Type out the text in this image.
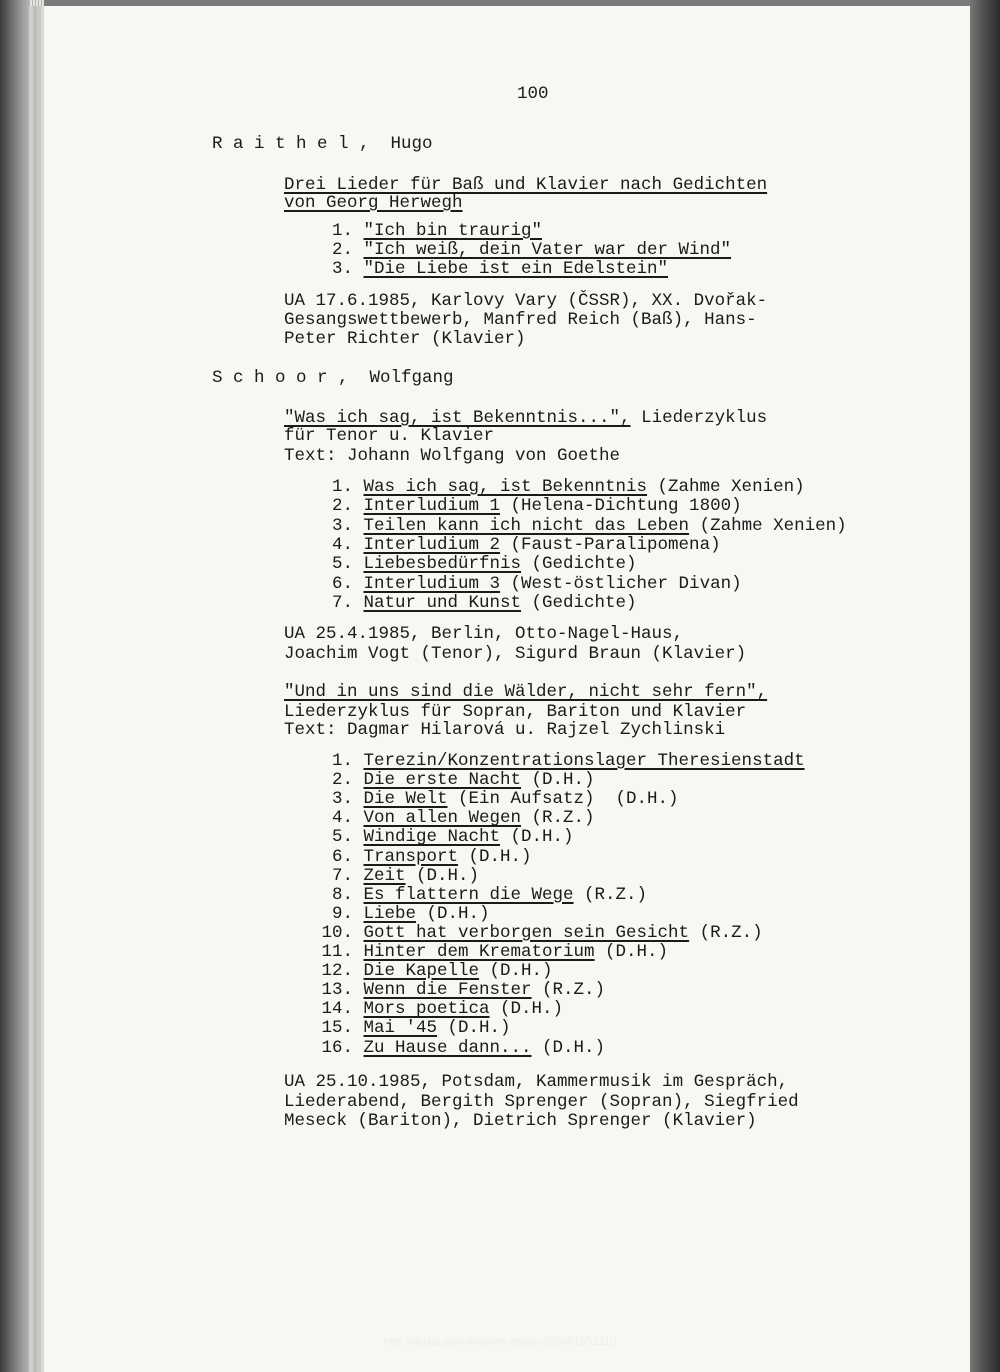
100
R a i t h e l ,  Hugo
Drei Lieder für Baß und Klavier nach Gedichten
von Georg Herwegh
1. "Ich bin traurig"
2. "Ich weiß, dein Vater war der Wind"
3. "Die Liebe ist ein Edelstein"
UA 17.6.1985, Karlovy Vary (ČSSR), XX. Dvořak-
Gesangswettbewerb, Manfred Reich (Baß), Hans-
Peter Richter (Klavier)
S c h o o r ,  Wolfgang
"Was ich sag, ist Bekenntnis...", Liederzyklus
für Tenor u. Klavier
Text: Johann Wolfgang von Goethe
1. Was ich sag, ist Bekenntnis (Zahme Xenien)
2. Interludium 1 (Helena-Dichtung 1800)
3. Teilen kann ich nicht das Leben (Zahme Xenien)
4. Interludium 2 (Faust-Paralipomena)
5. Liebesbedürfnis (Gedichte)
6. Interludium 3 (West-östlicher Divan)
7. Natur und Kunst (Gedichte)
UA 25.4.1985, Berlin, Otto-Nagel-Haus,
Joachim Vogt (Tenor), Sigurd Braun (Klavier)
"Und in uns sind die Wälder, nicht sehr fern",
Liederzyklus für Sopran, Bariton und Klavier
Text: Dagmar Hilarová u. Rajzel Zychlinski
1. Terezin/Konzentrationslager Theresienstadt
2. Die erste Nacht (D.H.)
3. Die Welt (Ein Aufsatz)  (D.H.)
4. Von allen Wegen (R.Z.)
5. Windige Nacht (D.H.)
6. Transport (D.H.)
7. Zeit (D.H.)
8. Es flattern die Wege (R.Z.)
9. Liebe (D.H.)
10. Gott hat verborgen sein Gesicht (R.Z.)
11. Hinter dem Krematorium (D.H.)
12. Die Kapelle (D.H.)
13. Wenn die Fenster (R.Z.)
14. Mors poetica (D.H.)
15. Mai '45 (D.H.)
16. Zu Hause dann... (D.H.)
UA 25.10.1985, Potsdam, Kammermusik im Gespräch,
Liederabend, Bergith Sprenger (Sopran), Siegfried
Meseck (Bariton), Dietrich Sprenger (Klavier)
http://digital.slub-dresden.de/ppn30580165Z110
